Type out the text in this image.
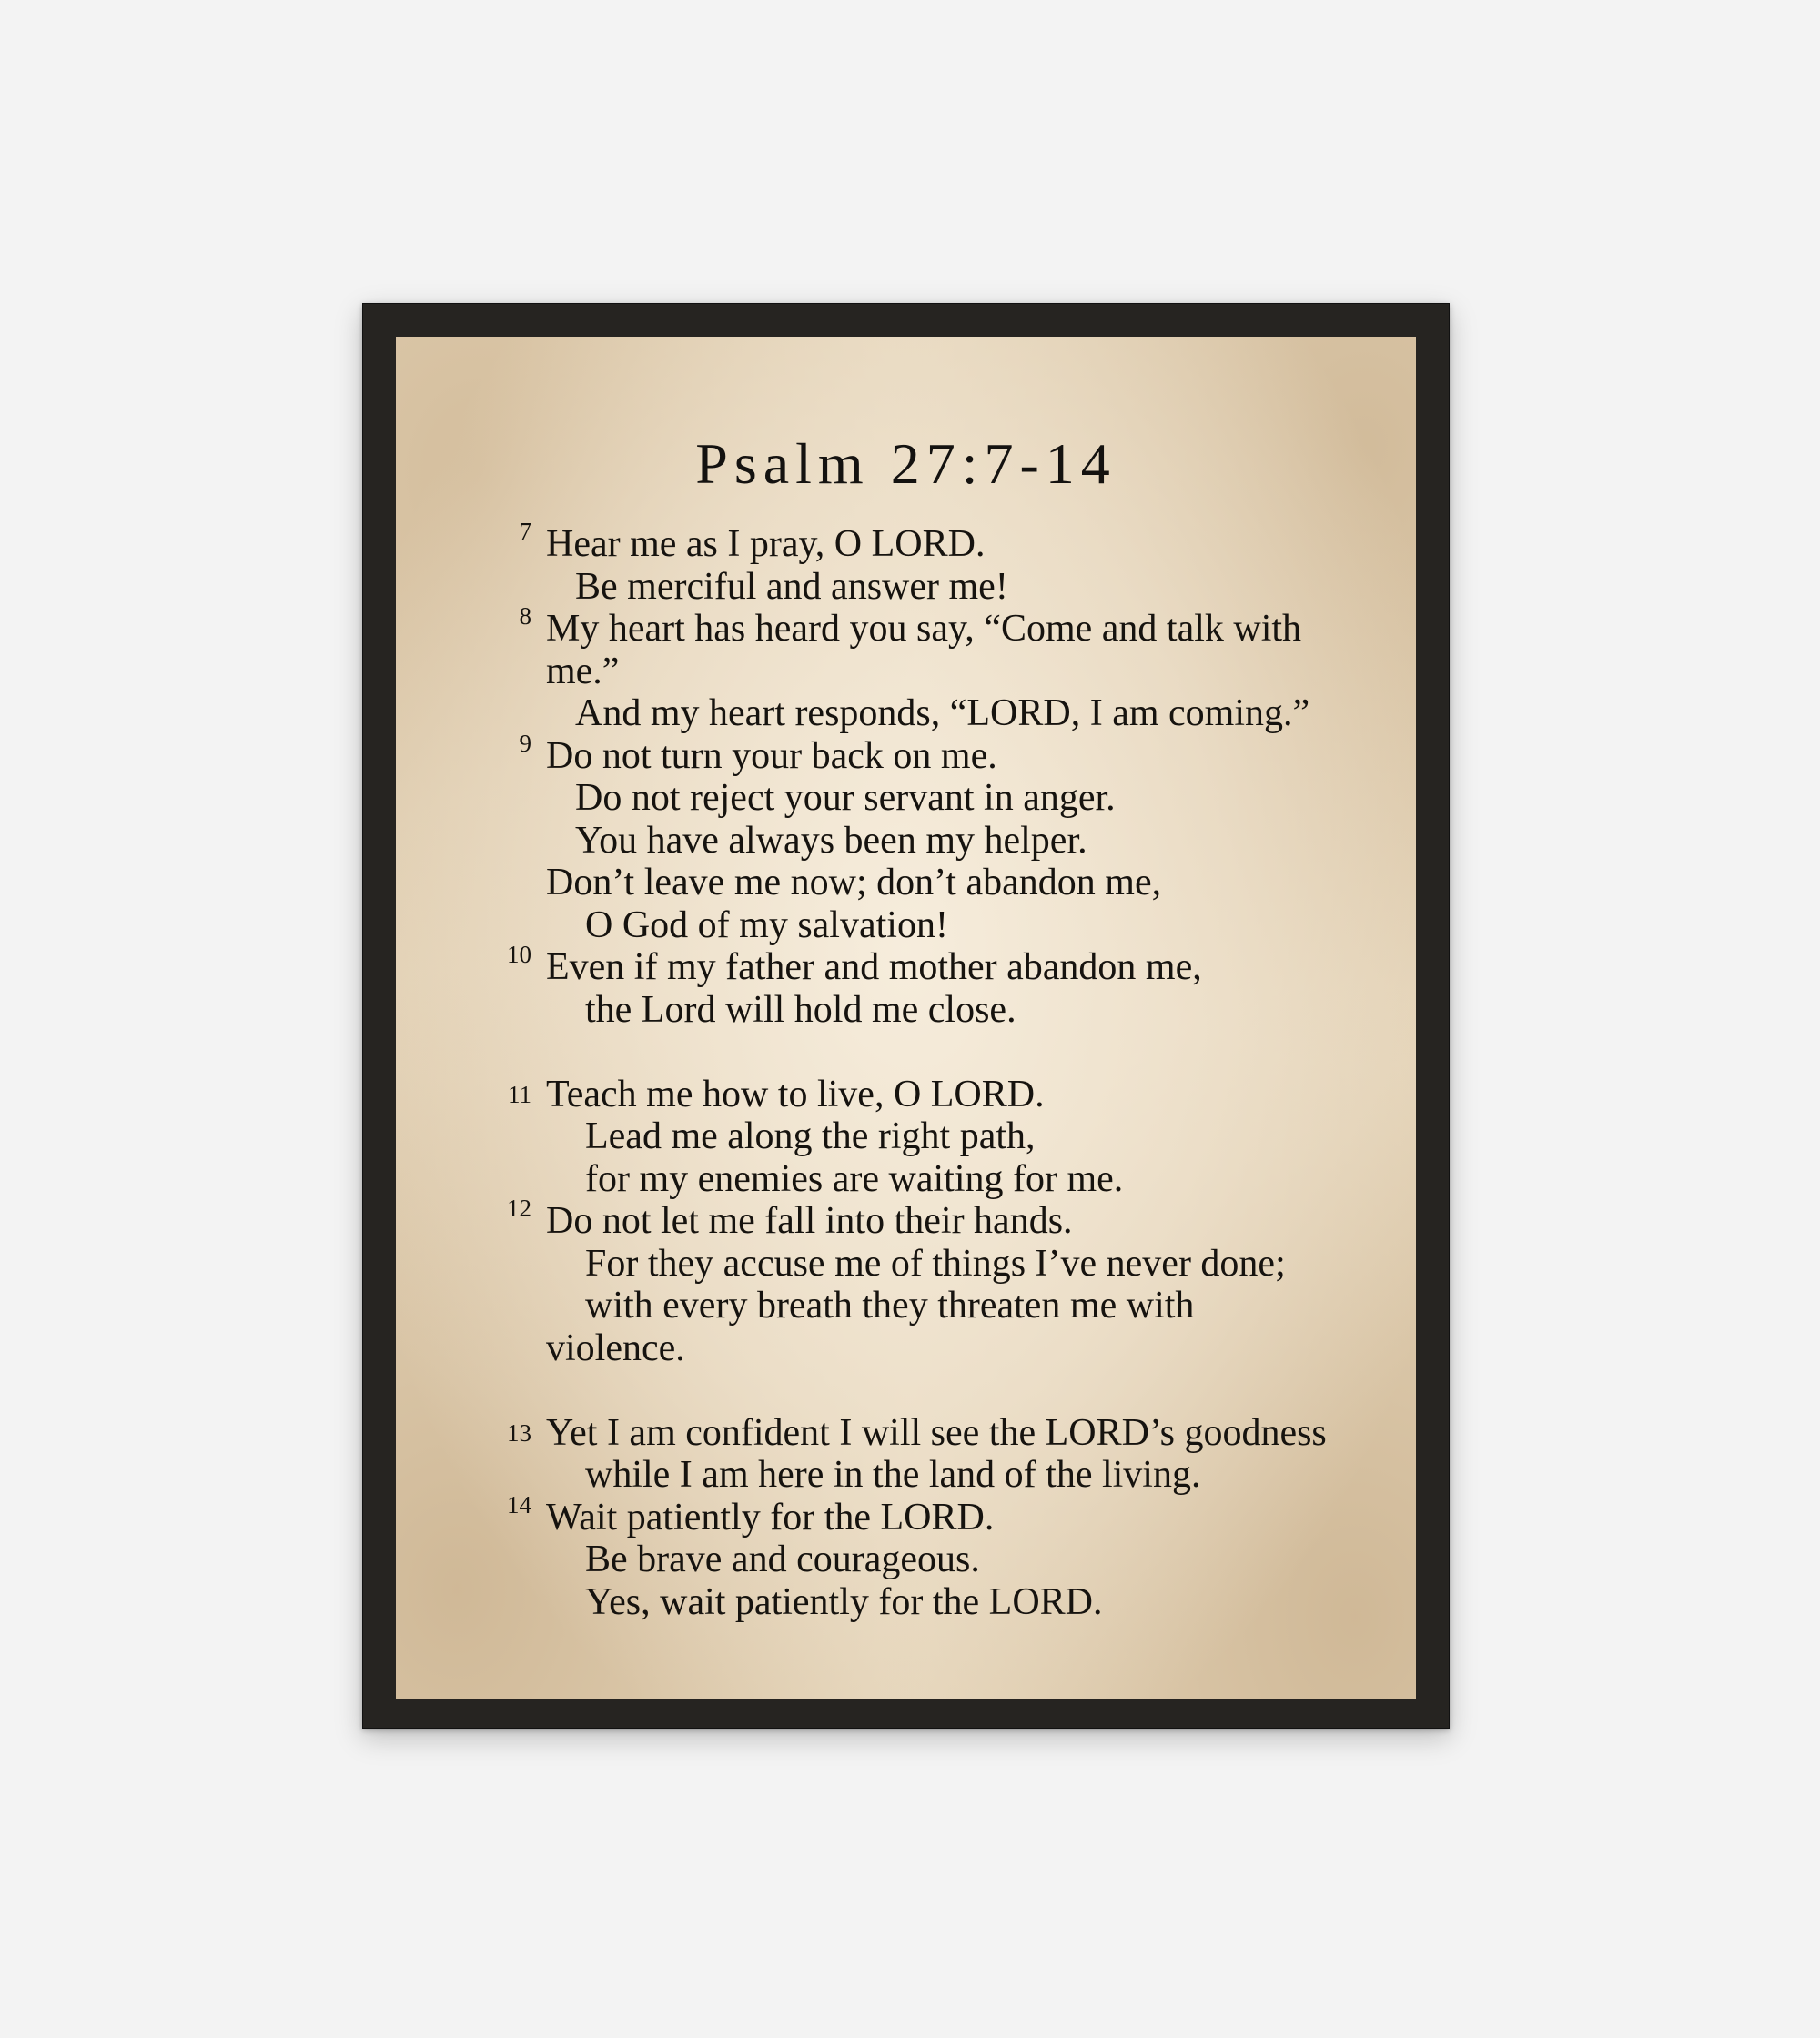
Psalm 27:7-14
7 Hear me as I pray, O LORD.
Be merciful and answer me!
8 My heart has heard you say, “Come and talk with
me.”
And my heart responds, “LORD, I am coming.”
9 Do not turn your back on me.
Do not reject your servant in anger.
You have always been my helper.
Don’t leave me now; don’t abandon me,
O God of my salvation!
10 Even if my father and mother abandon me,
the Lord will hold me close.
11 Teach me how to live, O LORD.
Lead me along the right path,
for my enemies are waiting for me.
12 Do not let me fall into their hands.
For they accuse me of things I’ve never done;
with every breath they threaten me with
violence.
13 Yet I am confident I will see the LORD’s goodness
while I am here in the land of the living.
14 Wait patiently for the LORD.
Be brave and courageous.
Yes, wait patiently for the LORD.
